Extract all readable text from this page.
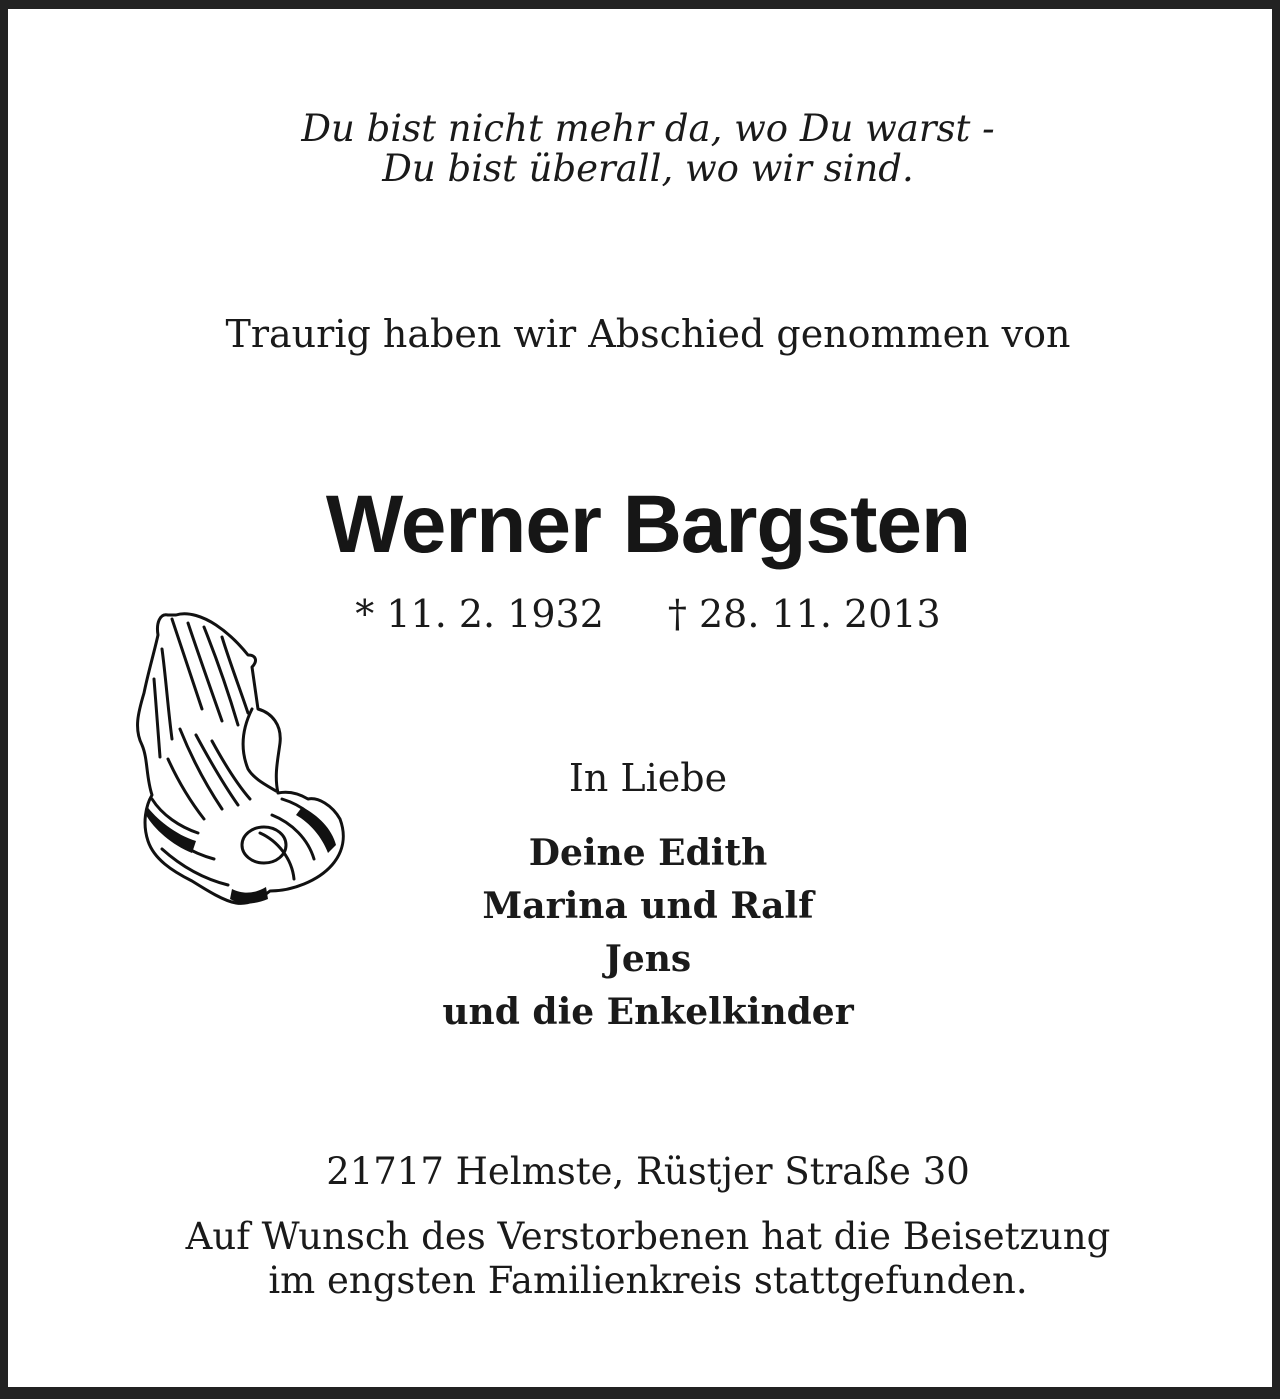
Du bist nicht mehr da, wo Du warst -
Du bist überall, wo wir sind.
Traurig haben wir Abschied genommen von
Werner Bargsten
* 11. 2. 1932 † 28. 11. 2013
In Liebe
Deine Edith
Marina und Ralf
Jens
und die Enkelkinder
21717 Helmste, Rüstjer Straße 30
Auf Wunsch des Verstorbenen hat die Beisetzung
im engsten Familienkreis stattgefunden.
